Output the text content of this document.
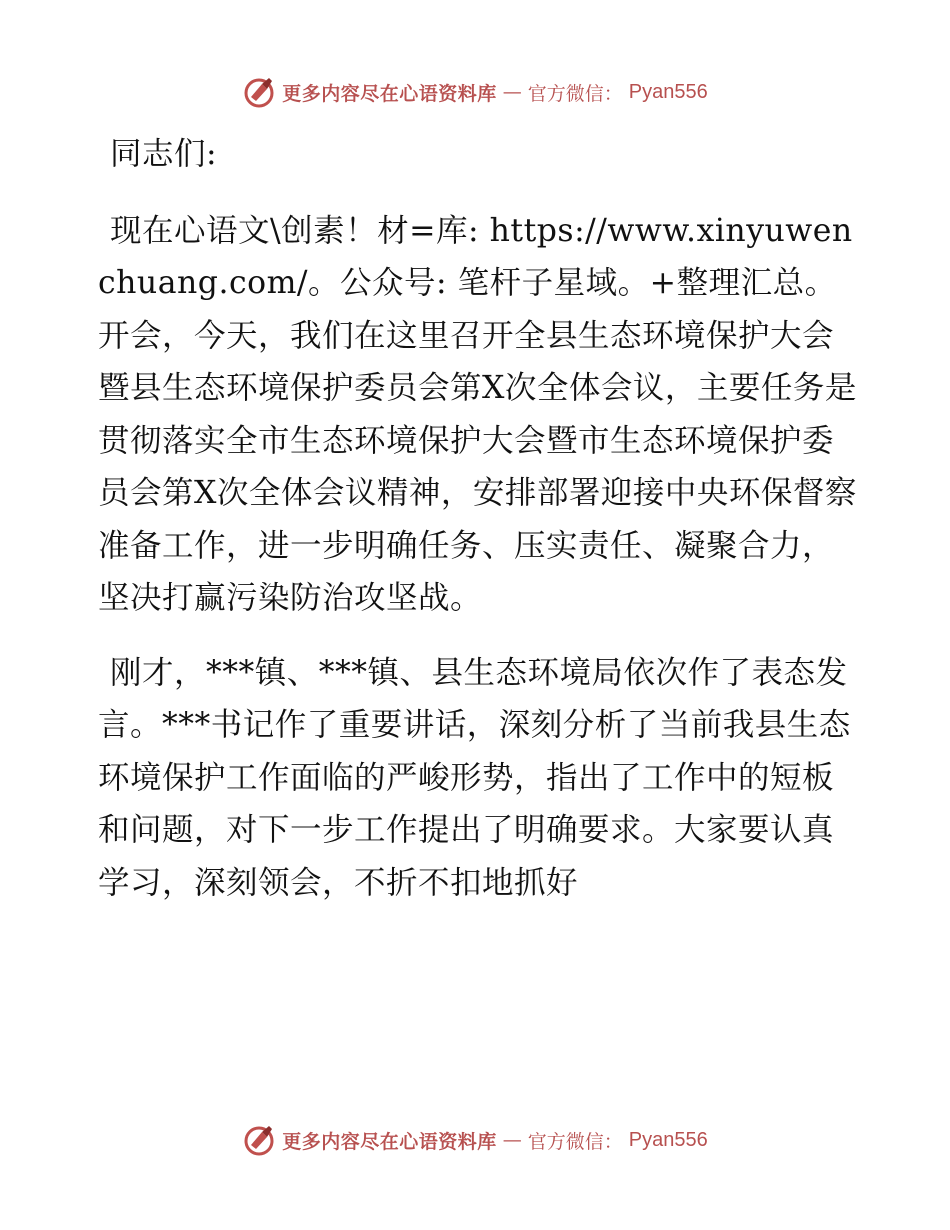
更多内容尽在心语资料库 — 官方微信： Pyan556

同志们:

现在心语文\创素！材=库: https://www.xinyuwenchuang.com/。公众号: 笔杆子星域。+整理汇总。开会，今天，我们在这里召开全县生态环境保护大会暨县生态环境保护委员会第X次全体会议，主要任务是贯彻落实全市生态环境保护大会暨市生态环境保护委员会第X次全体会议精神，安排部署迎接中央环保督察准备工作，进一步明确任务、压实责任、凝聚合力，坚决打赢污染防治攻坚战。

刚才，***镇、***镇、县生态环境局依次作了表态发言。***书记作了重要讲话，深刻分析了当前我县生态环境保护工作面临的严峻形势，指出了工作中的短板和问题，对下一步工作提出了明确要求。大家要认真学习，深刻领会，不折不扣地抓好

更多内容尽在心语资料库 — 官方微信： Pyan556
